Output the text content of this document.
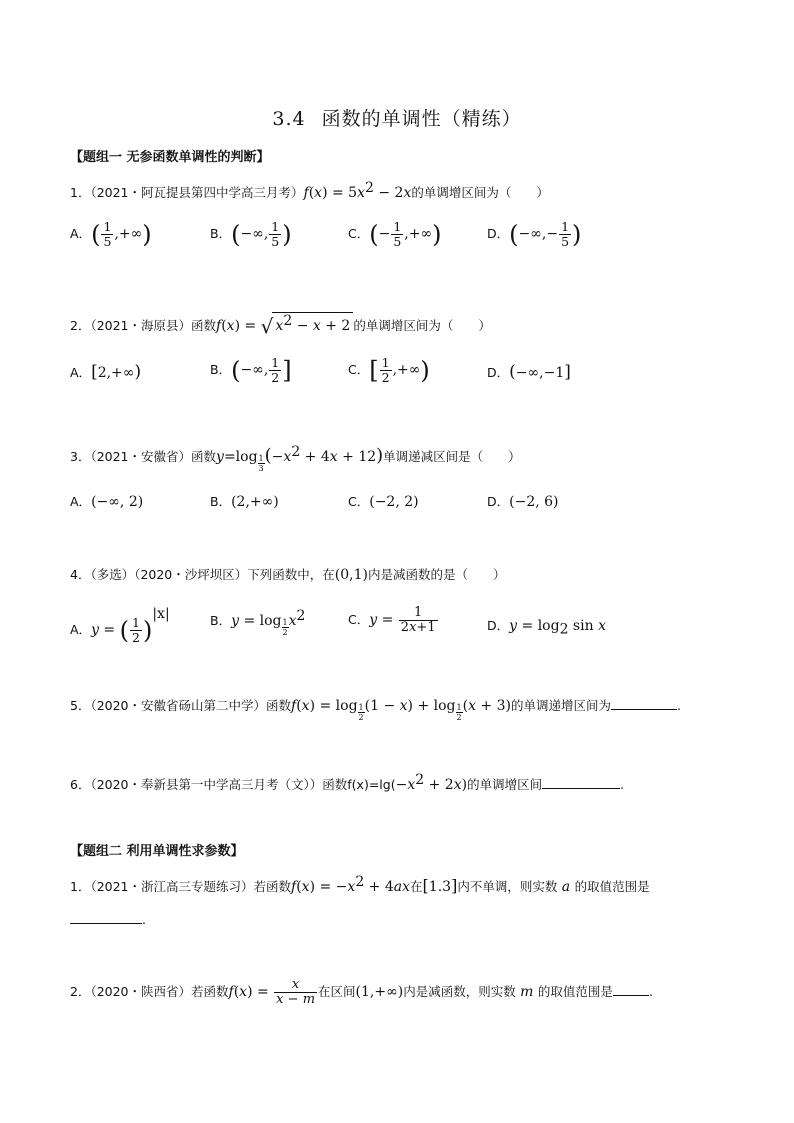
3.4 函数的单调性（精练）
【题组一 无参函数单调性的判断】
1．（2021・阿瓦提县第四中学高三月考）$f(x) = 5x^2 - 2x$的单调增区间为（　　）
A．( $\frac{1}{5}$ ,+∞)	B．(−∞, $\frac{1}{5}$ )	C．(− $\frac{1}{5}$ ,+∞)	D．(−∞,− $\frac{1}{5}$ )
2．（2021・海原县）函数f(x) = √ $x^2 - x + 2$ 的单调增区间为（　　）
A．[2,+∞)	B．(−∞, $\frac{1}{2}$ ]	C．[ $\frac{1}{2}$ ,+∞)	D．(−∞,−1]
3．（2021・安徽省）函数$y=\log \frac{1}{3} (-x^2 + 4x + 12)$单调递减区间是（　　）
A．(−∞, 2)	B．(2,+∞)	C．(−2, 2)	D．(−2, 6)
4．（多选）（2020・沙坪坝区）下列函数中，在(0,1)内是减函数的是（　　）
A．y = ( $\frac{1}{2} )^{|x|}$	B．$y = \log \frac{1}{2} x^2$	C．$y = \frac{1}{2x+1}$	D．$y = \log_2 \sin x$
5．（2020・安徽省砀山第二中学）函数$f(x) = \log \frac{1}{2} (1 - x) + \log \frac{1}{2} (x + 3)$的单调递增区间为	.
6．（2020・奉新县第一中学高三月考（文））函数$f(x)=\lg(-x^2 + 2x)$的单调增区间	.
【题组二 利用单调性求参数】
1．（2021・浙江高三专题练习）若函数$f(x) = -x^2 + 4ax$在[1.3]内不单调，则实数 a 的取值范围是
.
2．（2020・陕西省）若函数$f(x) = \frac{x}{x - m}$ 在区间(1,+∞)内是减函数，则实数 m 的取值范围是	.
